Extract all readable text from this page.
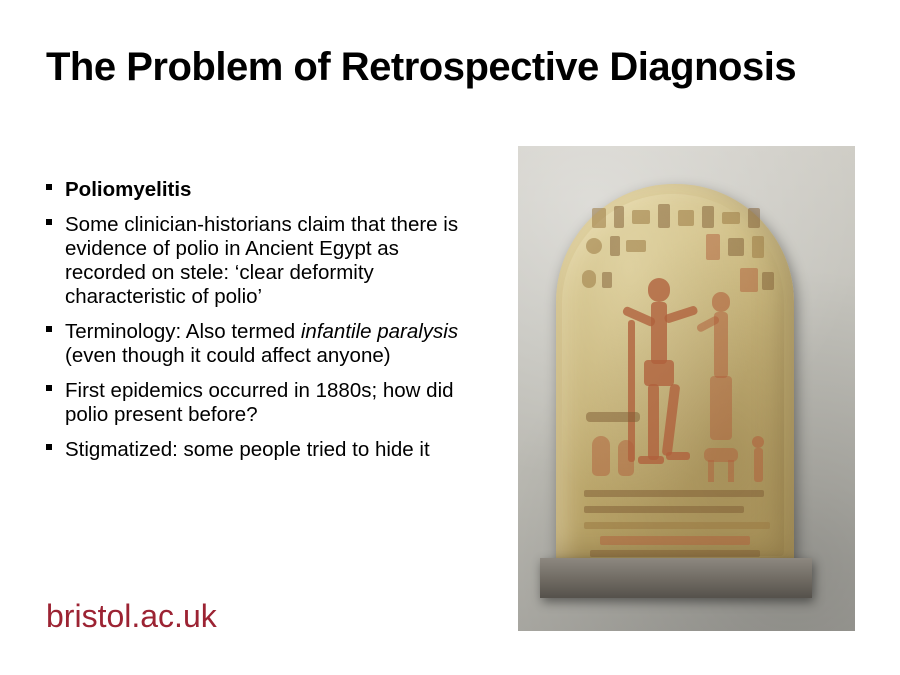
The Problem of Retrospective Diagnosis
Poliomyelitis
Some clinician-historians claim that there is evidence of polio in Ancient Egypt as recorded on stele: ‘clear deformity characteristic of polio’
Terminology: Also termed infantile paralysis (even though it could affect anyone)
First epidemics occurred in 1880s; how did polio present before?
Stigmatized: some people tried to hide it
bristol.ac.uk
